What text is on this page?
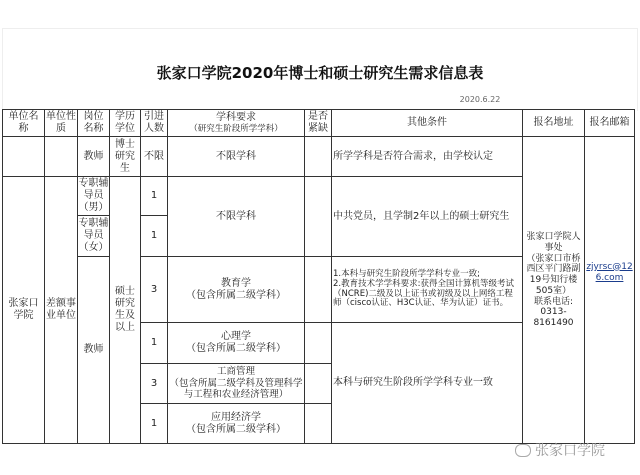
张家口学院2020年博士和硕士研究生需求信息表
2020.6.22
单位名称
单位性质
岗位名称
学历学位
引进人数
学科要求
（研究生阶段所学学科）
是否紧缺
其他条件	报名地址	报名邮箱
张家口学院
差额事业单位
教师
专职辅导员（男）
专职辅导员（女）
教师
博士研究生
硕士研究生及以上
不限
1
1
3
1
3
1
不限学科
不限学科
教育学
（包含所属二级学科）
心理学
（包含所属二级学科）
工商管理
（包含所属二级学科及管理科学与工程和农业经济管理）
应用经济学
（包含所属二级学科）
所学学科是否符合需求，由学校认定
中共党员，且学制2年以上的硕士研究生
1.本科与研究生阶段所学学科专业一致;
2.教育技术学学科要求:获得全国计算机等级考试（NCRE)二级及以上证书或初级及以上网络工程师（cisco认证、H3C认证、华为认证）证书。
本科与研究生阶段所学学科专业一致
张家口学院人事处
（张家口市桥西区平门路副19号知行楼505室）
联系电话:
0313-8161490
zjyrsc@126.com
张家口学院
